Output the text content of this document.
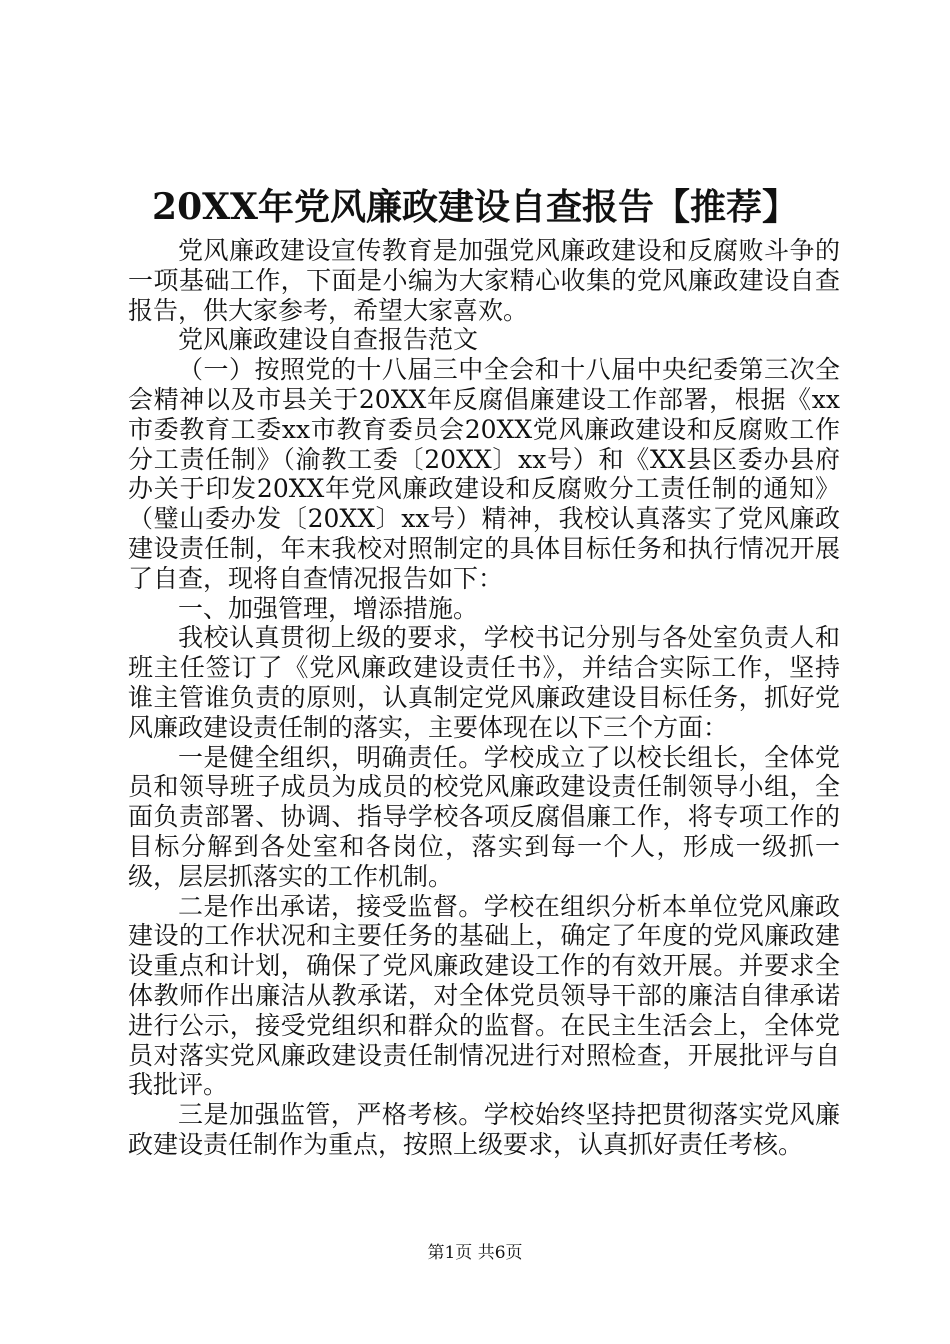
20XX年党风廉政建设自查报告【推荐】

党风廉政建设宣传教育是加强党风廉政建设和反腐败斗争的一项基础工作，下面是小编为大家精心收集的党风廉政建设自查报告，供大家参考，希望大家喜欢。

党风廉政建设自查报告范文

（一）按照党的十八届三中全会和十八届中央纪委第三次全会精神以及市县关于20XX年反腐倡廉建设工作部署，根据《xx市委教育工委xx市教育委员会20XX党风廉政建设和反腐败工作分工责任制》（渝教工委〔20XX〕xx号）和《XX县区委办县府办关于印发20XX年党风廉政建设和反腐败分工责任制的通知》（璧山委办发〔20XX〕xx号）精神，我校认真落实了党风廉政建设责任制，年末我校对照制定的具体目标任务和执行情况开展了自查，现将自查情况报告如下：

一、加强管理，增添措施。

我校认真贯彻上级的要求，学校书记分别与各处室负责人和班主任签订了《党风廉政建设责任书》，并结合实际工作，坚持谁主管谁负责的原则，认真制定党风廉政建设目标任务，抓好党风廉政建设责任制的落实，主要体现在以下三个方面：

一是健全组织，明确责任。学校成立了以校长组长，全体党员和领导班子成员为成员的校党风廉政建设责任制领导小组，全面负责部署、协调、指导学校各项反腐倡廉工作，将专项工作的目标分解到各处室和各岗位，落实到每一个人，形成一级抓一级，层层抓落实的工作机制。

二是作出承诺，接受监督。学校在组织分析本单位党风廉政建设的工作状况和主要任务的基础上，确定了年度的党风廉政建设重点和计划，确保了党风廉政建设工作的有效开展。并要求全体教师作出廉洁从教承诺，对全体党员领导干部的廉洁自律承诺进行公示，接受党组织和群众的监督。在民主生活会上，全体党员对落实党风廉政建设责任制情况进行对照检查，开展批评与自我批评。

三是加强监管，严格考核。学校始终坚持把贯彻落实党风廉政建设责任制作为重点，按照上级要求，认真抓好责任考核。

第1页 共6页
